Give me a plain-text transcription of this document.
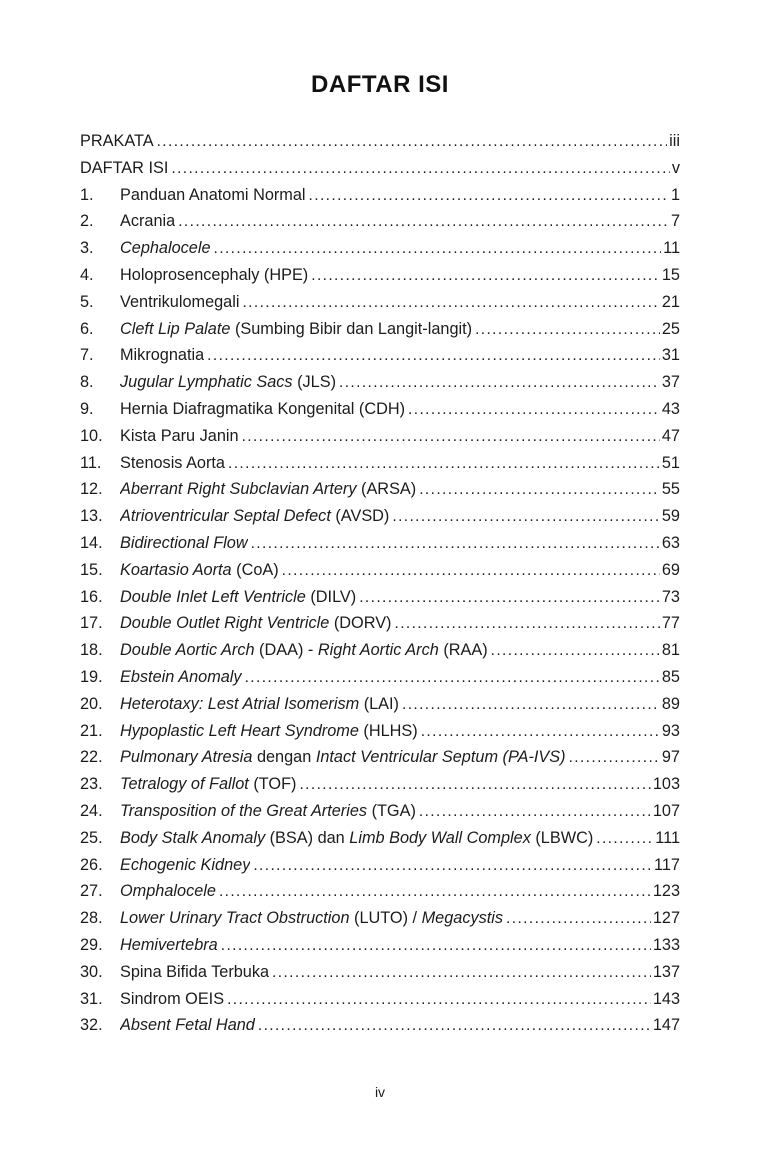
DAFTAR ISI
PRAKATA .....	iii
DAFTAR ISI .....	v
1.	Panduan Anatomi Normal .....	1
2.	Acrania .....	7
3.	Cephalocele .....	11
4.	Holoprosencephaly (HPE) .....	15
5.	Ventrikulomegali .....	21
6.	Cleft Lip Palate (Sumbing Bibir dan Langit-langit) .....	25
7.	Mikrognatia .....	31
8.	Jugular Lymphatic Sacs (JLS) .....	37
9.	Hernia Diafragmatika Kongenital (CDH) .....	43
10.	Kista Paru Janin .....	47
11.	Stenosis Aorta .....	51
12.	Aberrant Right Subclavian Artery (ARSA) .....	55
13.	Atrioventricular Septal Defect (AVSD) .....	59
14.	Bidirectional Flow .....	63
15.	Koartasio Aorta (CoA) .....	69
16.	Double Inlet Left Ventricle (DILV) .....	73
17.	Double Outlet Right Ventricle (DORV) .....	77
18.	Double Aortic Arch (DAA) - Right Aortic Arch (RAA) .....	81
19.	Ebstein Anomaly .....	85
20.	Heterotaxy: Lest Atrial Isomerism (LAI) .....	89
21.	Hypoplastic Left Heart Syndrome (HLHS) .....	93
22.	Pulmonary Atresia dengan Intact Ventricular Septum (PA-IVS) .....	97
23.	Tetralogy of Fallot (TOF) .....	103
24.	Transposition of the Great Arteries (TGA) .....	107
25.	Body Stalk Anomaly (BSA) dan Limb Body Wall Complex (LBWC) .....	111
26.	Echogenic Kidney .....	117
27.	Omphalocele .....	123
28.	Lower Urinary Tract Obstruction (LUTO) / Megacystis .....	127
29.	Hemivertebra .....	133
30.	Spina Bifida Terbuka .....	137
31.	Sindrom OEIS .....	143
32.	Absent Fetal Hand .....	147
iv
